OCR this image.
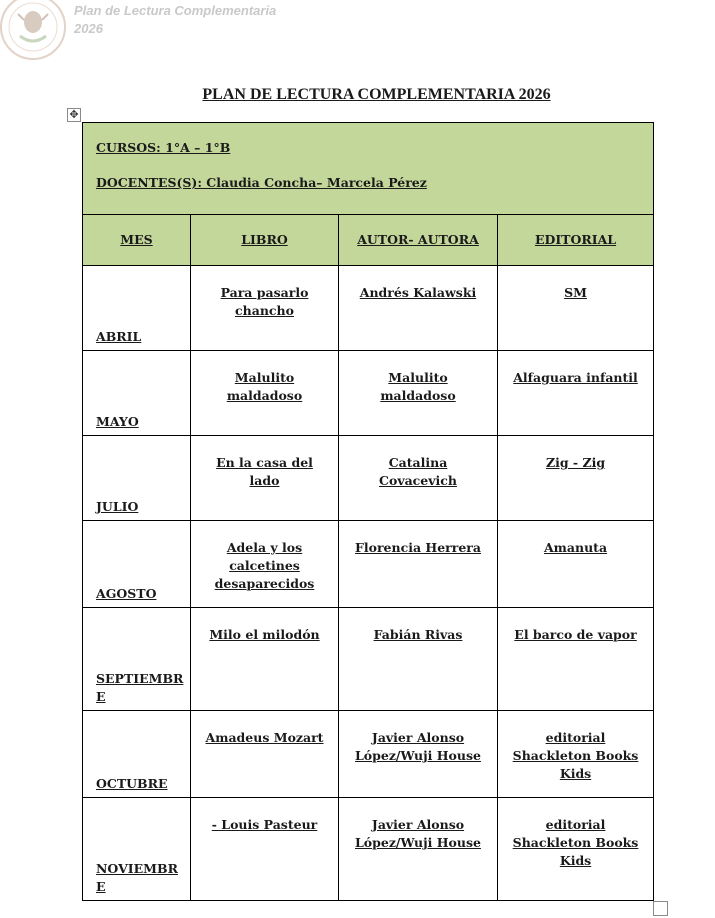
Plan de Lectura Complementaria
2026
PLAN DE LECTURA COMPLEMENTARIA 2026
✥
CURSOS: 1°A – 1°B
DOCENTES(S): Claudia Concha– Marcela Pérez			

MES	LIBRO	AUTOR- AUTORA	EDITORIAL
ABRIL	Para pasarlo chancho	Andrés Kalawski	SM
MAYO	Malulito maldadoso	Malulito maldadoso	Alfaguara infantil
JULIO	En la casa del lado	Catalina Covacevich	Zig - Zig
AGOSTO	Adela y los calcetines desaparecidos	Florencia Herrera	Amanuta
SEPTIEMBRE	Milo el milodón	Fabián Rivas	El barco de vapor
OCTUBRE	Amadeus Mozart	Javier Alonso López/Wuji House	editorial Shackleton Books Kids
NOVIEMBRE	- Louis Pasteur	Javier Alonso López/Wuji House	editorial Shackleton Books Kids
